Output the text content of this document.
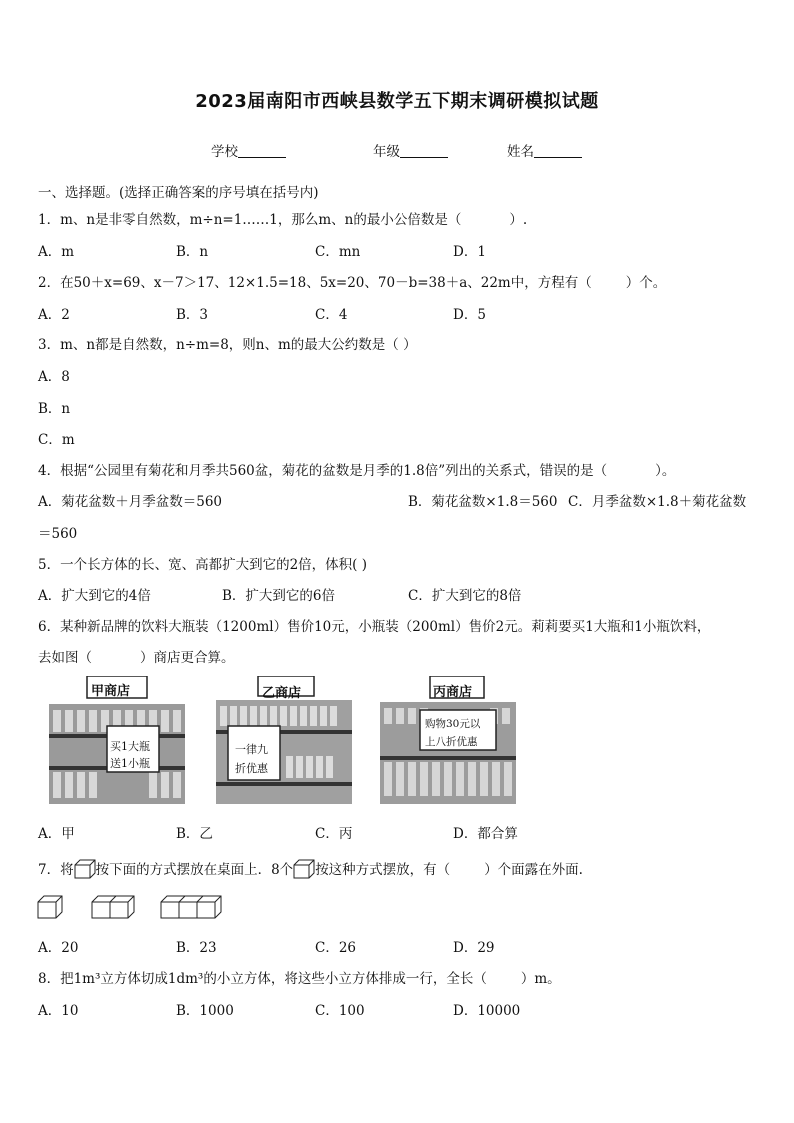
2023届南阳市西峡县数学五下期末调研模拟试题
学校	年级	姓名
一、选择题。(选择正确答案的序号填在括号内)
1．m、n是非零自然数，m÷n=1……1，那么m、n的最小公倍数是（	）.
A．m	B．n	C．mn	D．1
2．在50＋x=69、x－7＞17、12×1.5=18、5x=20、70－b=38＋a、22m中，方程有（	）个。
A．2	B．3	C．4	D．5
3．m、n都是自然数，n÷m=8，则n、m的最大公约数是（ ）
A．8
B．n
C．m
4．根据“公园里有菊花和月季共560盆，菊花的盆数是月季的1.8倍”列出的关系式，错误的是（	）。
A．菊花盆数＋月季盆数＝560	B．菊花盆数×1.8＝560 C．月季盆数×1.8＋菊花盆数
＝560
5．一个长方体的长、宽、高都扩大到它的2倍，体积( )
A．扩大到它的4倍	B．扩大到它的6倍	C．扩大到它的8倍
6．某种新品牌的饮料大瓶装（1200ml）售价10元，小瓶装（200ml）售价2元。莉莉要买1大瓶和1小瓶饮料，
去如图（	）商店更合算。
甲商店
买1大瓶
送1小瓶
乙商店
一律九
折优惠
丙商店
购物30元以
上八折优惠
A．甲	B．乙	C．丙	D．都合算
7．将 按下面的方式摆放在桌面上．8个 按这种方式摆放，有（	）个面露在外面.
A．20	B．23	C．26	D．29
8．把1m³立方体切成1dm³的小立方体，将这些小立方体排成一行，全长（	）m。
A．10	B．1000	C．100	D．10000
